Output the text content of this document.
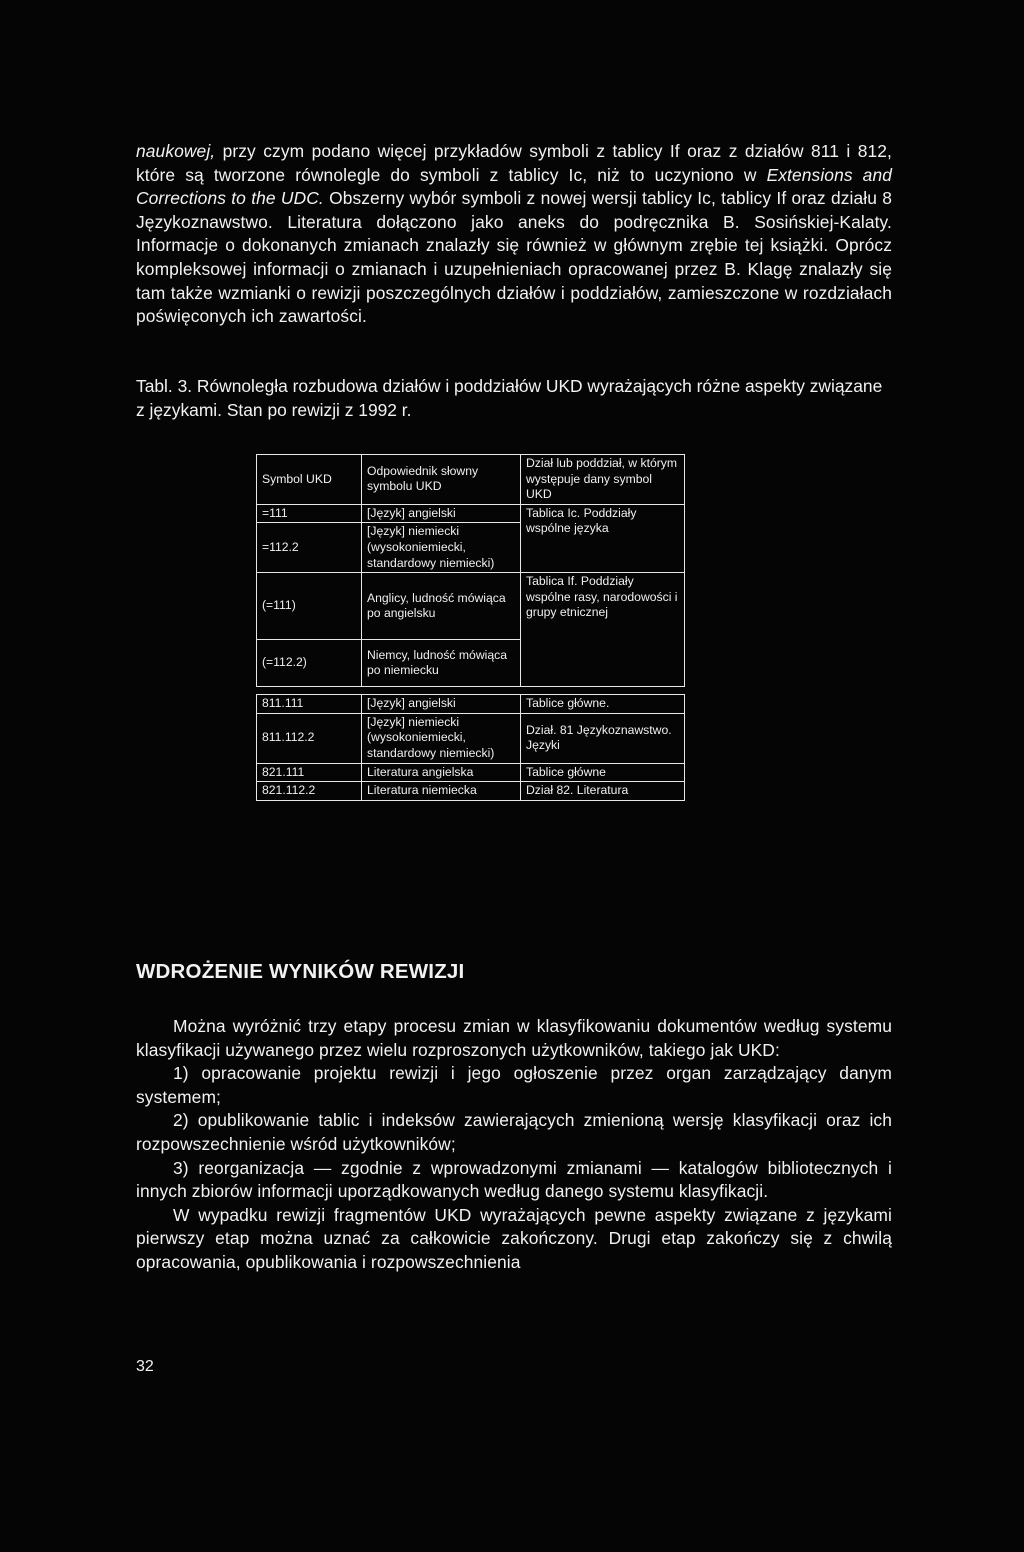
naukowej, przy czym podano więcej przykładów symboli z tablicy If oraz z działów 811 i 812, które są tworzone równolegle do symboli z tablicy Ic, niż to uczyniono w Extensions and Corrections to the UDC. Obszerny wybór symboli z nowej wersji tablicy Ic, tablicy If oraz działu 8 Językoznawstwo. Literatura dołączono jako aneks do podręcznika B. Sosińskiej-Kalaty. Informacje o dokonanych zmianach znalazły się również w głównym zrębie tej książki. Oprócz kompleksowej informacji o zmianach i uzupełnieniach opracowanej przez B. Klagę znalazły się tam także wzmianki o rewizji poszczególnych działów i poddziałów, zamieszczone w rozdziałach poświęconych ich zawartości.

Tabl. 3. Równoległa rozbudowa działów i poddziałów UKD wyrażających różne aspekty związane z językami. Stan po rewizji z 1992 r.

Symbol UKD	Odpowiednik słowny symbolu UKD	Dział lub poddział, w którym występuje dany symbol UKD
=111	[Język] angielski	Tablica Ic. Poddziały wspólne języka
=112.2	[Język] niemiecki (wysokoniemiecki, standardowy niemiecki)	
(=111)	Anglicy, ludność mówiąca po angielsku	Tablica If. Poddziały wspólne rasy, narodowości i grupy etnicznej
(=112.2)	Niemcy, ludność mówiąca po niemiecku	

811.111	[Język] angielski	Tablice główne.
811.112.2	[Język] niemiecki (wysokoniemiecki, standardowy niemiecki)	Dział. 81 Językoznawstwo. Języki
821.111	Literatura angielska	Tablice główne
821.112.2	Literatura niemiecka	Dział 82. Literatura
WDROŻENIE WYNIKÓW REWIZJI
Można wyróżnić trzy etapy procesu zmian w klasyfikowaniu dokumentów według systemu klasyfikacji używanego przez wielu rozproszonych użytkowników, takiego jak UKD:
1) opracowanie projektu rewizji i jego ogłoszenie przez organ zarządzający danym systemem;
2) opublikowanie tablic i indeksów zawierających zmienioną wersję klasyfikacji oraz ich rozpowszechnienie wśród użytkowników;
3) reorganizacja — zgodnie z wprowadzonymi zmianami — katalogów bibliotecznych i innych zbiorów informacji uporządkowanych według danego systemu klasyfikacji.
W wypadku rewizji fragmentów UKD wyrażających pewne aspekty związane z językami pierwszy etap można uznać za całkowicie zakończony. Drugi etap zakończy się z chwilą opracowania, opublikowania i rozpowszechnienia
32
